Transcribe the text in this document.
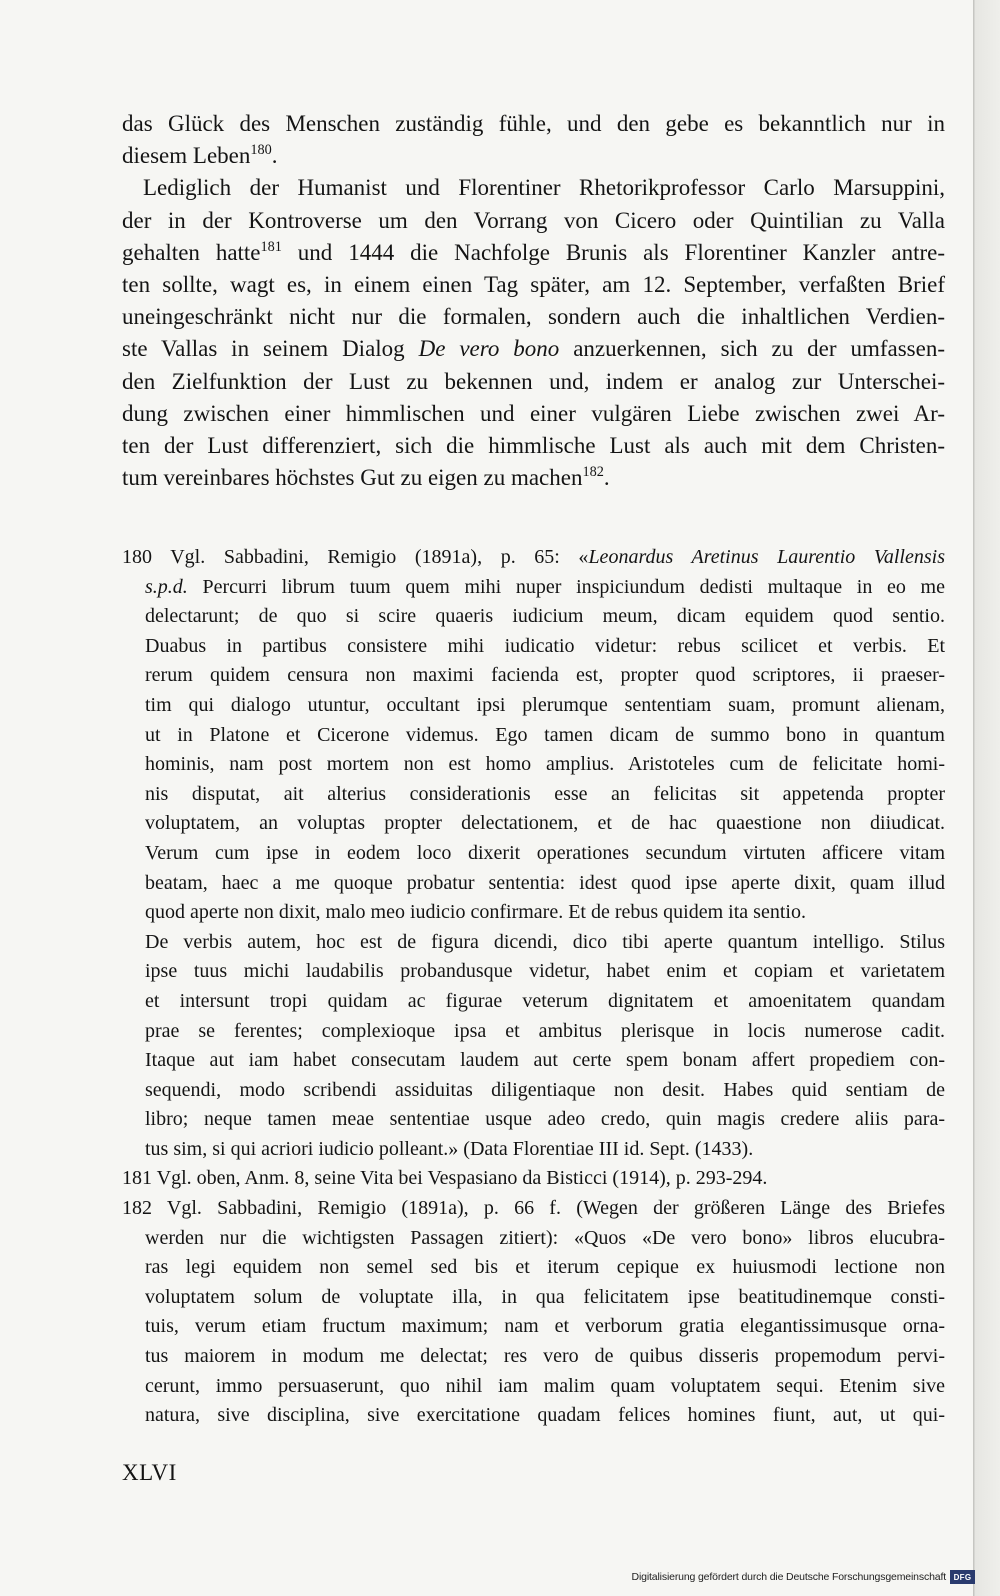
das Glück des Menschen zuständig fühle, und den gebe es bekanntlich nur in
diesem Leben$^{180}$.
Lediglich der Humanist und Florentiner Rhetorikprofessor Carlo Marsuppini,
der in der Kontroverse um den Vorrang von Cicero oder Quintilian zu Valla
gehalten hatte$^{181}$ und 1444 die Nachfolge Brunis als Florentiner Kanzler antre-
ten sollte, wagt es, in einem einen Tag später, am 12. September, verfaßten Brief
uneingeschränkt nicht nur die formalen, sondern auch die inhaltlichen Verdien-
ste Vallas in seinem Dialog De vero bono anzuerkennen, sich zu der umfassen-
den Zielfunktion der Lust zu bekennen und, indem er analog zur Unterschei-
dung zwischen einer himmlischen und einer vulgären Liebe zwischen zwei Ar-
ten der Lust differenziert, sich die himmlische Lust als auch mit dem Christen-
tum vereinbares höchstes Gut zu eigen zu machen$^{182}$.
180 Vgl. Sabbadini, Remigio (1891a), p. 65: «Leonardus Aretinus Laurentio Vallensis
s.p.d. Percurri librum tuum quem mihi nuper inspiciundum dedisti multaque in eo me
delectarunt; de quo si scire quaeris iudicium meum, dicam equidem quod sentio.
Duabus in partibus consistere mihi iudicatio videtur: rebus scilicet et verbis. Et
rerum quidem censura non maximi facienda est, propter quod scriptores, ii praeser-
tim qui dialogo utuntur, occultant ipsi plerumque sententiam suam, promunt alienam,
ut in Platone et Cicerone videmus. Ego tamen dicam de summo bono in quantum
hominis, nam post mortem non est homo amplius. Aristoteles cum de felicitate homi-
nis disputat, ait alterius considerationis esse an felicitas sit appetenda propter
voluptatem, an voluptas propter delectationem, et de hac quaestione non diiudicat.
Verum cum ipse in eodem loco dixerit operationes secundum virtuten afficere vitam
beatam, haec a me quoque probatur sententia: idest quod ipse aperte dixit, quam illud
quod aperte non dixit, malo meo iudicio confirmare. Et de rebus quidem ita sentio.
De verbis autem, hoc est de figura dicendi, dico tibi aperte quantum intelligo. Stilus
ipse tuus michi laudabilis probandusque videtur, habet enim et copiam et varietatem
et intersunt tropi quidam ac figurae veterum dignitatem et amoenitatem quandam
prae se ferentes; complexioque ipsa et ambitus plerisque in locis numerose cadit.
Itaque aut iam habet consecutam laudem aut certe spem bonam affert propediem con-
sequendi, modo scribendi assiduitas diligentiaque non desit. Habes quid sentiam de
libro; neque tamen meae sententiae usque adeo credo, quin magis credere aliis para-
tus sim, si qui acriori iudicio polleant.» (Data Florentiae III id. Sept. (1433).
181 Vgl. oben, Anm. 8, seine Vita bei Vespasiano da Bisticci (1914), p. 293-294.
182 Vgl. Sabbadini, Remigio (1891a), p. 66 f. (Wegen der größeren Länge des Briefes
werden nur die wichtigsten Passagen zitiert): «Quos «De vero bono» libros elucubra-
ras legi equidem non semel sed bis et iterum cepique ex huiusmodi lectione non
voluptatem solum de voluptate illa, in qua felicitatem ipse beatitudinemque consti-
tuis, verum etiam fructum maximum; nam et verborum gratia elegantissimusque orna-
tus maiorem in modum me delectat; res vero de quibus disseris propemodum pervi-
cerunt, immo persuaserunt, quo nihil iam malim quam voluptatem sequi. Etenim sive
natura, sive disciplina, sive exercitatione quadam felices homines fiunt, aut, ut qui-
XLVI
Digitalisierung gefördert durch die Deutsche Forschungsgemeinschaft DFG
